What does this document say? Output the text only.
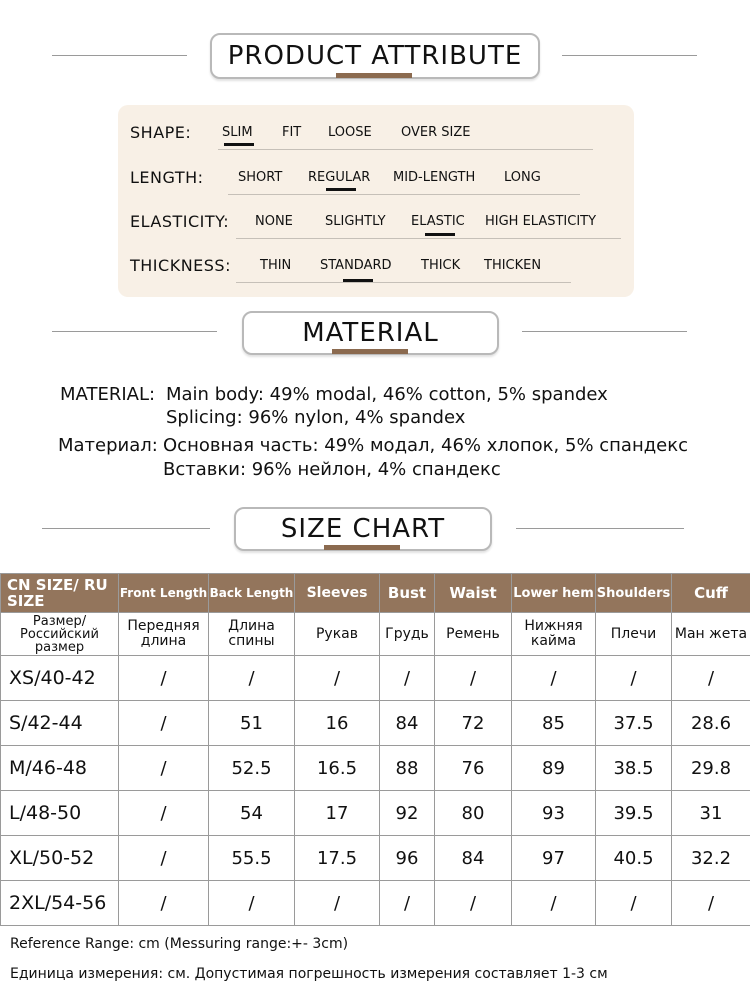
PRODUCT ATTRIBUTE
SHAPE: SLIM FIT LOOSE OVER SIZE
LENGTH:	SHORT REGULAR MID-LENGTH LONG
ELASTICITY: NONE SLIGHTLY ELASTIC HIGH ELASTICITY
THICKNESS: THIN STANDARD THICK THICKEN
MATERIAL
MATERIAL: Main body: 49% modal, 46% cotton, 5% spandex
Splicing: 96% nylon, 4% spandex
Материал: Основная часть: 49% модал, 46% хлопок, 5% спандекс
Вставки: 96% нейлон, 4% спандекс
SIZE CHART
CN SIZE/ RU SIZE	Front Length	Back Length	Sleeves	Bust	Waist	Lower hem	Shoulders	Cuff
Размер/ Российский размер	Передняя длина	Длина спины	Рукав	Грудь	Ремень	Нижняя кайма	Плечи	Ман жета
XS/40-42	/	/	/	/	/	/	/	/
S/42-44	/	51	16	84	72	85	37.5	28.6
M/46-48	/	52.5	16.5	88	76	89	38.5	29.8
L/48-50	/	54	17	92	80	93	39.5	31
XL/50-52	/	55.5	17.5	96	84	97	40.5	32.2
2XL/54-56	/	/	/	/	/	/	/	/
Reference Range: cm (Messuring range:+- 3cm)
Единица измерения: см. Допустимая погрешность измерения составляет 1-3 см
